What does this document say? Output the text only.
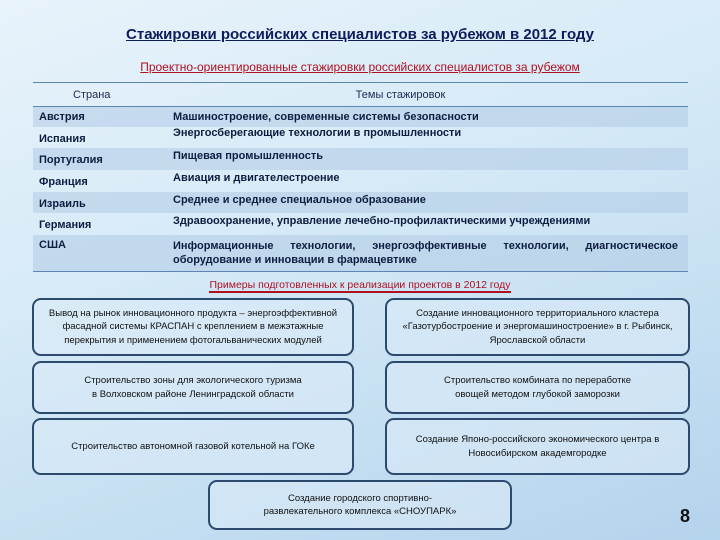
Стажировки российских специалистов за рубежом в 2012 году
Проектно-ориентированные стажировки российских специалистов за рубежом
Страна	Темы стажировок
Австрия	Машиностроение, современные системы безопасности
Испания	Энергосберегающие технологии в промышленности
Португалия	Пищевая промышленность
Франция	Авиация и двигателестроение
Израиль	Среднее и среднее специальное образование
Германия	Здравоохранение, управление лечебно-профилактическими учреждениями
США	Информационные технологии, энергоэффективные технологии, диагностическое оборудование и инновации в фармацевтике
Примеры подготовленных к реализации проектов в 2012 году
Вывод на рынок инновационного продукта – энергоэффективной фасадной системы КРАСПАН с креплением в межэтажные перекрытия и применением фотогальванических модулей
Создание инновационного территориального кластера «Газотурбостроение и энергомашиностроение» в г. Рыбинск, Ярославской области
Строительство зоны для экологического туризма в Волховском районе Ленинградской области
Строительство комбината по переработке овощей методом глубокой заморозки
Строительство автономной газовой котельной на ГОКе
Создание Японо-российского экономического центра в Новосибирском академгородке
Создание городского спортивно-развлекательного комплекса «СНОУПАРК»	8
